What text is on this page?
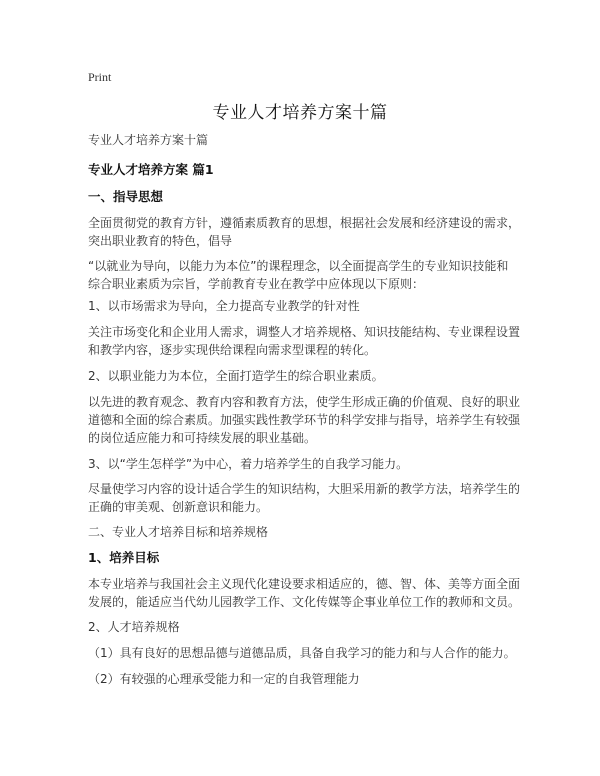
Print
专业人才培养方案十篇
专业人才培养方案十篇
专业人才培养方案 篇1
一、指导思想
全面贯彻党的教育方针，遵循素质教育的思想，根据社会发展和经济建设的需求，突出职业教育的特色，倡导
“以就业为导向，以能力为本位”的课程理念，以全面提高学生的专业知识技能和综合职业素质为宗旨，学前教育专业在教学中应体现以下原则：
1、以市场需求为导向，全力提高专业教学的针对性
关注市场变化和企业用人需求，调整人才培养规格、知识技能结构、专业课程设置和教学内容，逐步实现供给课程向需求型课程的转化。
2、以职业能力为本位，全面打造学生的综合职业素质。
以先进的教育观念、教育内容和教育方法，使学生形成正确的价值观、良好的职业道德和全面的综合素质。加强实践性教学环节的科学安排与指导，培养学生有较强的岗位适应能力和可持续发展的职业基础。
3、以“学生怎样学”为中心，着力培养学生的自我学习能力。
尽量使学习内容的设计适合学生的知识结构，大胆采用新的教学方法，培养学生的正确的审美观、创新意识和能力。
二、专业人才培养目标和培养规格
1、培养目标
本专业培养与我国社会主义现代化建设要求相适应的，德、智、体、美等方面全面发展的，能适应当代幼儿园教学工作、文化传媒等企事业单位工作的教师和文员。
2、人才培养规格
（1）具有良好的思想品德与道德品质，具备自我学习的能力和与人合作的能力。
（2）有较强的心理承受能力和一定的自我管理能力
